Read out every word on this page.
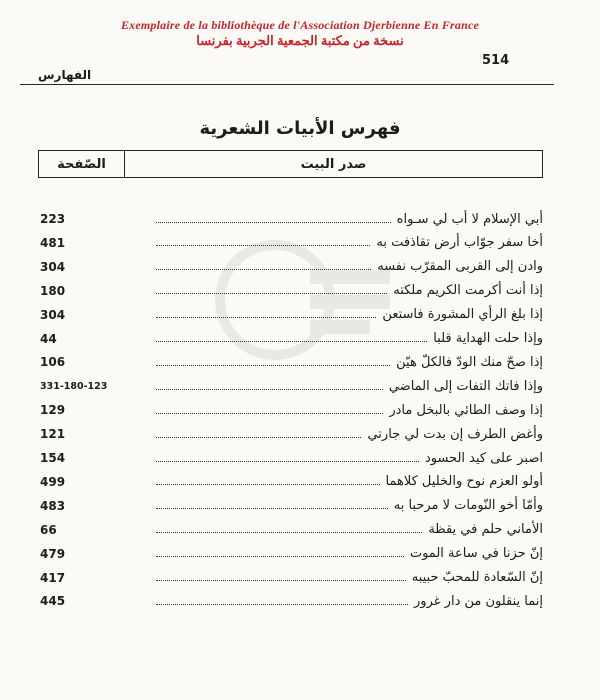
Exemplaire de la bibliothèque de l'Association Djerbienne En France
نسخة من مكتبة الجمعية الجربية بفرنسا
514
الفهارس
فهرس الأبيات الشعرية
الصّفحة	صدر البيت
223	أبي الإسلام لا أب لي سـواه
481	أخا سفر جوّاب أرض تقاذفت به
304	وادن إلى القربى المقرّب نفسه
180	إذا أنت أكرمت الكريم ملكته
304	إذا بلغ الرأي المشورة فاستعن
44	وإذا حلت الهداية قلبا
106	إذا صحّ منك الودّ فالكلّ هيّن
331-180-123	وإذا فاتك التفات إلى الماضي
129	إذا وصف الطائي بالبخل مادر
121	وأغض الطرف إن بدت لي جارتي
154	اصبر على كيد الحسود
499	أولو العزم نوح والخليل كلاهما
483	وأمّا أخو النّومات لا مرحبا به
66	الأماني حلم في يقظة
479	إنّ حزنا في ساعة الموت
417	إنّ السّعادة للمحبّ حبيبه
445	إنما ينقلون من دار غرور
